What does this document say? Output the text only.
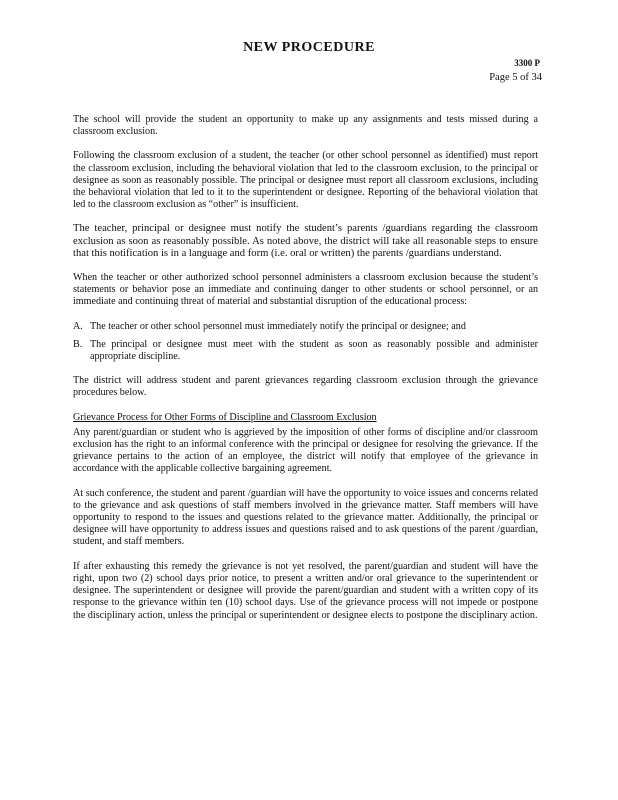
NEW PROCEDURE
3300 P
Page 5 of 34

The school will provide the student an opportunity to make up any assignments and tests missed during a classroom exclusion.

Following the classroom exclusion of a student, the teacher (or other school personnel as identified) must report the classroom exclusion, including the behavioral violation that led to the classroom exclusion, to the principal or designee as soon as reasonably possible. The principal or designee must report all classroom exclusions, including the behavioral violation that led to it to the superintendent or designee. Reporting of the behavioral violation that led to the classroom exclusion as “other” is insufficient.

The teacher, principal or designee must notify the student’s parents /guardians regarding the classroom exclusion as soon as reasonably possible. As noted above, the district will take all reasonable steps to ensure that this notification is in a language and form (i.e. oral or written) the parents /guardians understand.

When the teacher or other authorized school personnel administers a classroom exclusion because the student’s statements or behavior pose an immediate and continuing danger to other students or school personnel, or an immediate and continuing threat of material and substantial disruption of the educational process:

A. The teacher or other school personnel must immediately notify the principal or designee; and
B. The principal or designee must meet with the student as soon as reasonably possible and administer appropriate discipline.

The district will address student and parent grievances regarding classroom exclusion through the grievance procedures below.

Grievance Process for Other Forms of Discipline and Classroom Exclusion

Any parent/guardian or student who is aggrieved by the imposition of other forms of discipline and/or classroom exclusion has the right to an informal conference with the principal or designee for resolving the grievance. If the grievance pertains to the action of an employee, the district will notify that employee of the grievance in accordance with the applicable collective bargaining agreement.

At such conference, the student and parent /guardian will have the opportunity to voice issues and concerns related to the grievance and ask questions of staff members involved in the grievance matter. Staff members will have opportunity to respond to the issues and questions related to the grievance matter. Additionally, the principal or designee will have opportunity to address issues and questions raised and to ask questions of the parent /guardian, student, and staff members.

If after exhausting this remedy the grievance is not yet resolved, the parent/guardian and student will have the right, upon two (2) school days prior notice, to present a written and/or oral grievance to the superintendent or designee. The superintendent or designee will provide the parent/guardian and student with a written copy of its response to the grievance within ten (10) school days. Use of the grievance process will not impede or postpone the disciplinary action, unless the principal or superintendent or designee elects to postpone the disciplinary action.
